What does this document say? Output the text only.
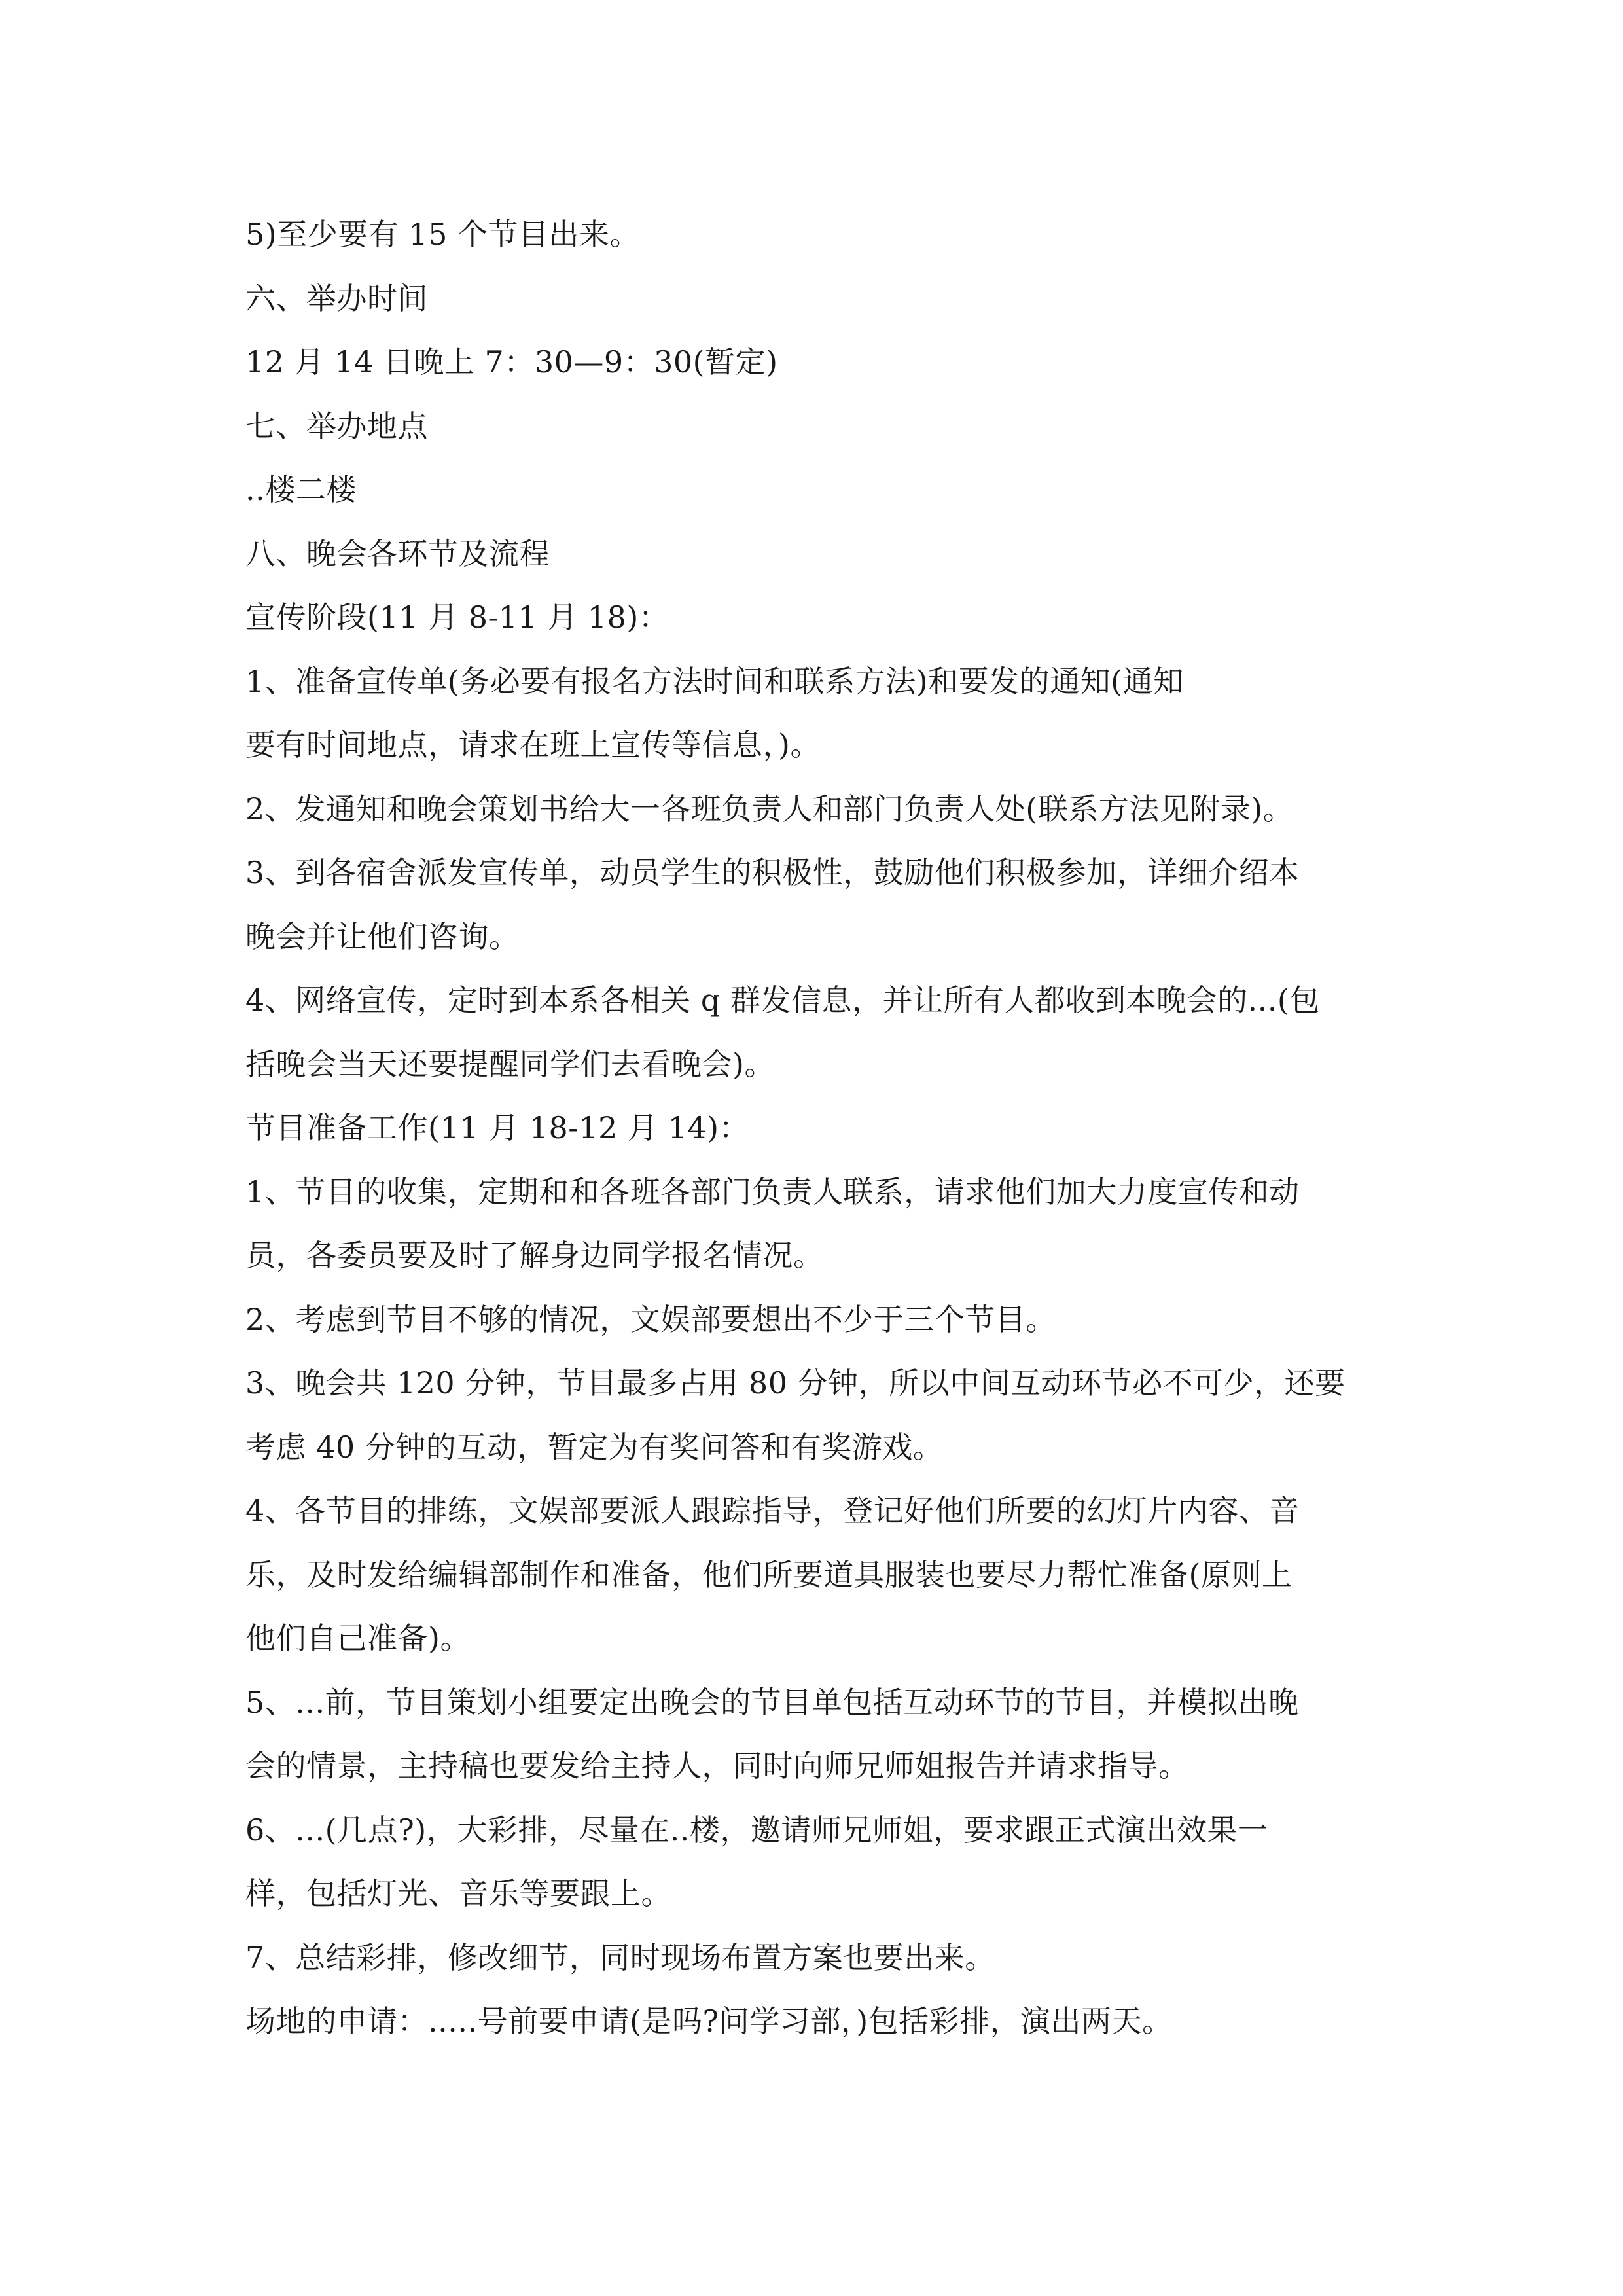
5)至少要有 15 个节目出来。
六、举办时间
12 月 14 日晚上 7：30—9：30(暂定)
七、举办地点
..楼二楼
八、晚会各环节及流程
宣传阶段(11 月 8-11 月 18)：
1、准备宣传单(务必要有报名方法时间和联系方法)和要发的通知(通知
要有时间地点，请求在班上宣传等信息，)。
2、发通知和晚会策划书给大一各班负责人和部门负责人处(联系方法见附录)。
3、到各宿舍派发宣传单，动员学生的积极性，鼓励他们积极参加，详细介绍本
晚会并让他们咨询。
4、网络宣传，定时到本系各相关 q 群发信息，并让所有人都收到本晚会的...(包
括晚会当天还要提醒同学们去看晚会)。
节目准备工作(11 月 18-12 月 14)：
1、节目的收集，定期和和各班各部门负责人联系，请求他们加大力度宣传和动
员，各委员要及时了解身边同学报名情况。
2、考虑到节目不够的情况，文娱部要想出不少于三个节目。
3、晚会共 120 分钟，节目最多占用 80 分钟，所以中间互动环节必不可少，还要
考虑 40 分钟的互动，暂定为有奖问答和有奖游戏。
4、各节目的排练，文娱部要派人跟踪指导，登记好他们所要的幻灯片内容、音
乐，及时发给编辑部制作和准备，他们所要道具服装也要尽力帮忙准备(原则上
他们自己准备)。
5、...前，节目策划小组要定出晚会的节目单包括互动环节的节目，并模拟出晚
会的情景，主持稿也要发给主持人，同时向师兄师姐报告并请求指导。
6、...(几点?)，大彩排，尽量在..楼，邀请师兄师姐，要求跟正式演出效果一
样，包括灯光、音乐等要跟上。
7、总结彩排，修改细节，同时现场布置方案也要出来。
场地的申请：.....号前要申请(是吗?问学习部，)包括彩排，演出两天。
